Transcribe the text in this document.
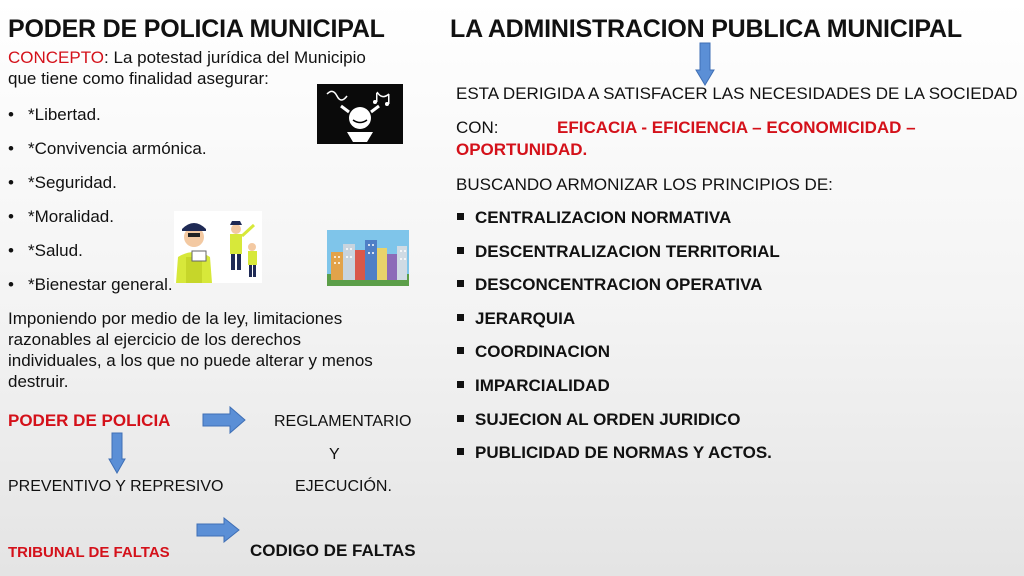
PODER DE POLICIA MUNICIPAL
CONCEPTO: La potestad jurídica del Municipio
que tiene como finalidad asegurar:
• *Libertad.
• *Convivencia armónica.
• *Seguridad.
• *Moralidad.
• *Salud.
• *Bienestar general.
Imponiendo por medio de la ley, limitaciones
razonables al ejercicio de los derechos
individuales, a los que no puede alterar y menos
destruir.
PODER DE POLICIA	REGLAMENTARIO
Y
PREVENTIVO Y REPRESIVO	EJECUCIÓN.
TRIBUNAL DE FALTAS	CODIGO DE FALTAS
LA ADMINISTRACION PUBLICA MUNICIPAL
ESTA DERIGIDA A SATISFACER LAS NECESIDADES DE LA SOCIEDAD
CON:	EFICACIA - EFICIENCIA – ECONOMICIDAD –
OPORTUNIDAD.
BUSCANDO ARMONIZAR LOS PRINCIPIOS DE:
CENTRALIZACION NORMATIVA
DESCENTRALIZACION TERRITORIAL
DESCONCENTRACION OPERATIVA
JERARQUIA
COORDINACION
IMPARCIALIDAD
SUJECION AL ORDEN JURIDICO
PUBLICIDAD DE NORMAS Y ACTOS.
